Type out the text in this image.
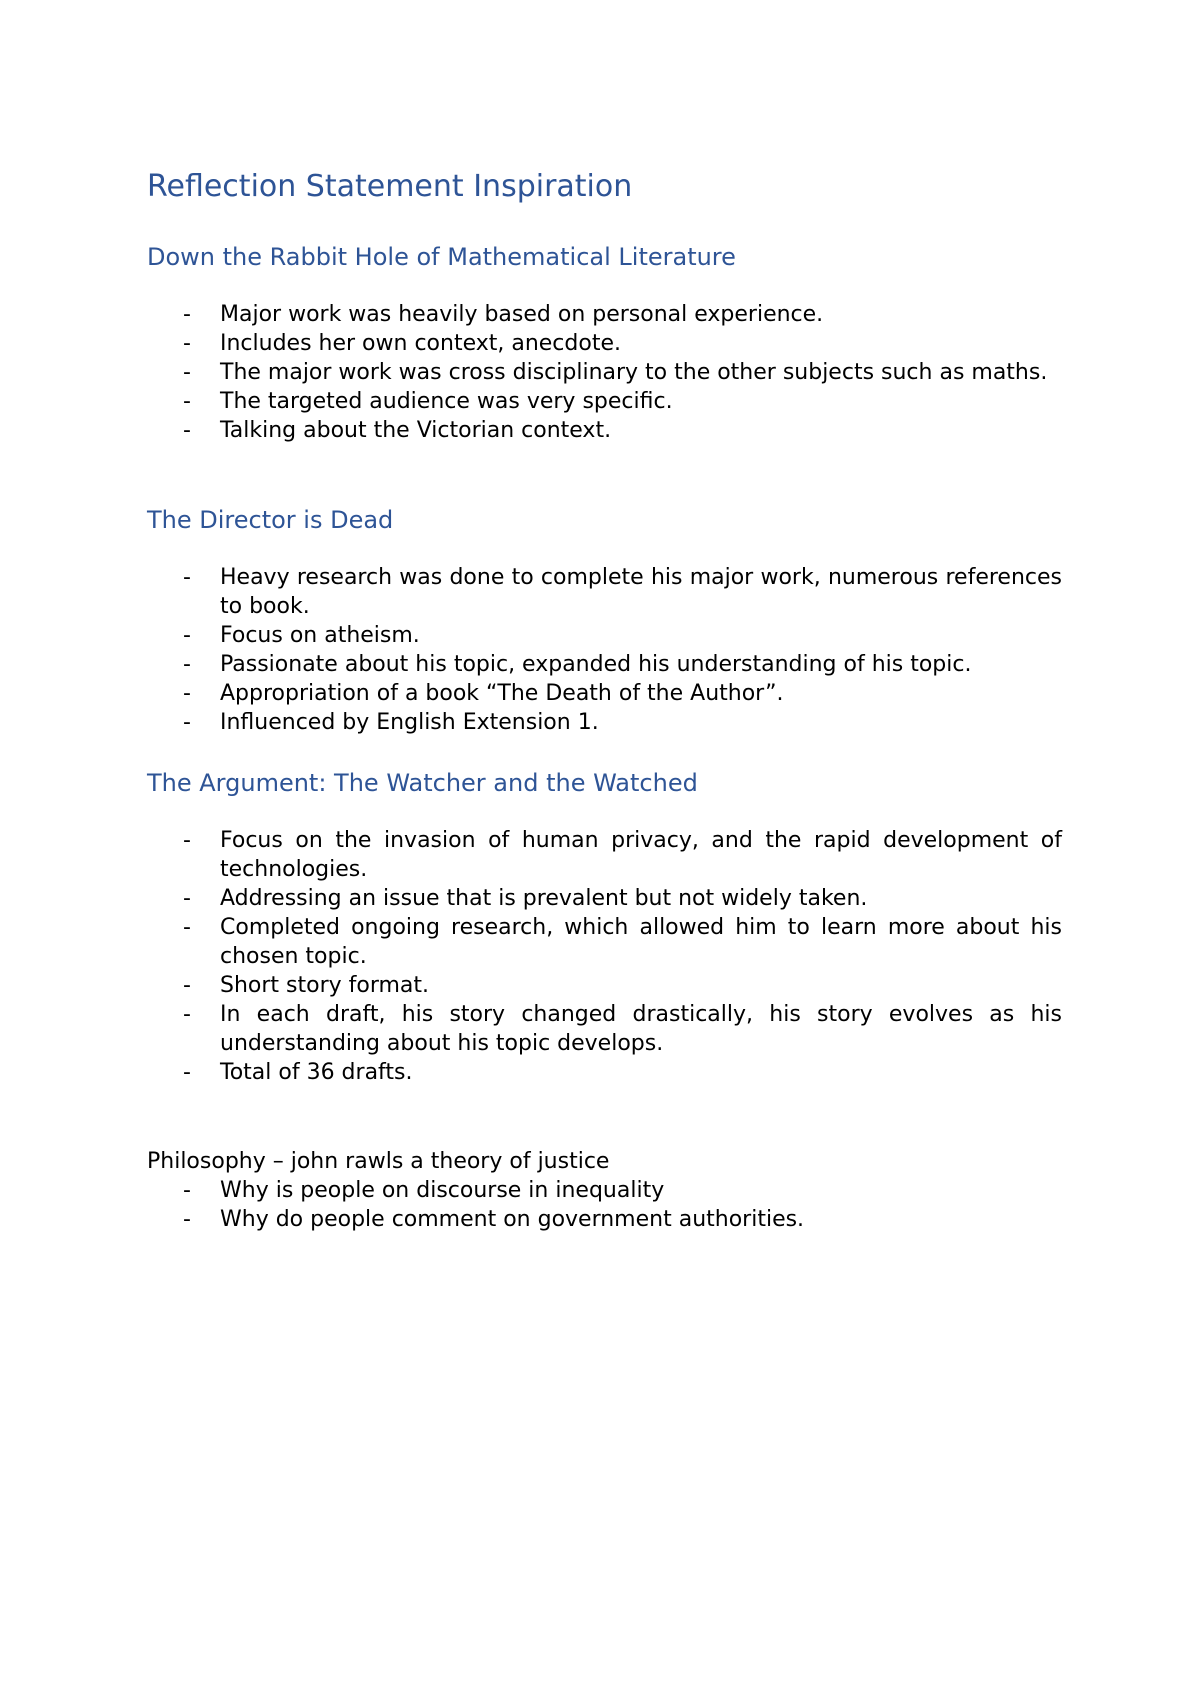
Reflection Statement Inspiration
Down the Rabbit Hole of Mathematical Literature
- Major work was heavily based on personal experience.
- Includes her own context, anecdote.
- The major work was cross disciplinary to the other subjects such as maths.
- The targeted audience was very specific.
- Talking about the Victorian context.
The Director is Dead
- Heavy research was done to complete his major work, numerous references to book.
- Focus on atheism.
- Passionate about his topic, expanded his understanding of his topic.
- Appropriation of a book “The Death of the Author”.
- Influenced by English Extension 1.
The Argument: The Watcher and the Watched
- Focus on the invasion of human privacy, and the rapid development of technologies.
- Addressing an issue that is prevalent but not widely taken.
- Completed ongoing research, which allowed him to learn more about his chosen topic.
- Short story format.
- In each draft, his story changed drastically, his story evolves as his understanding about his topic develops.
- Total of 36 drafts.

Philosophy – john rawls a theory of justice

- Why is people on discourse in inequality
- Why do people comment on government authorities.
